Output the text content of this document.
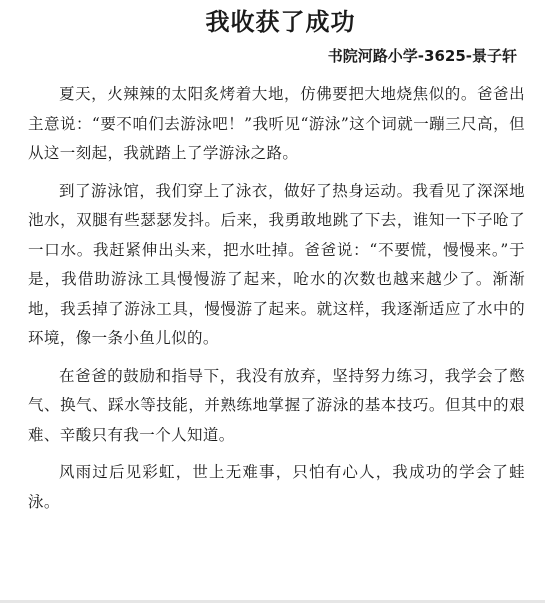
我收获了成功
书院河路小学-3625-景子轩

夏天，火辣辣的太阳炙烤着大地，仿佛要把大地烧焦似的。爸爸出主意说：“要不咱们去游泳吧！”我听见“游泳”这个词就一蹦三尺高，但从这一刻起，我就踏上了学游泳之路。

到了游泳馆，我们穿上了泳衣，做好了热身运动。我看见了深深地池水，双腿有些瑟瑟发抖。后来，我勇敢地跳了下去，谁知一下子呛了一口水。我赶紧伸出头来，把水吐掉。爸爸说：“不要慌，慢慢来。”于是，我借助游泳工具慢慢游了起来，呛水的次数也越来越少了。渐渐地，我丢掉了游泳工具，慢慢游了起来。就这样，我逐渐适应了水中的环境，像一条小鱼儿似的。

在爸爸的鼓励和指导下，我没有放弃，坚持努力练习，我学会了憋气、换气、踩水等技能，并熟练地掌握了游泳的基本技巧。但其中的艰难、辛酸只有我一个人知道。

风雨过后见彩虹，世上无难事，只怕有心人，我成功的学会了蛙泳。
